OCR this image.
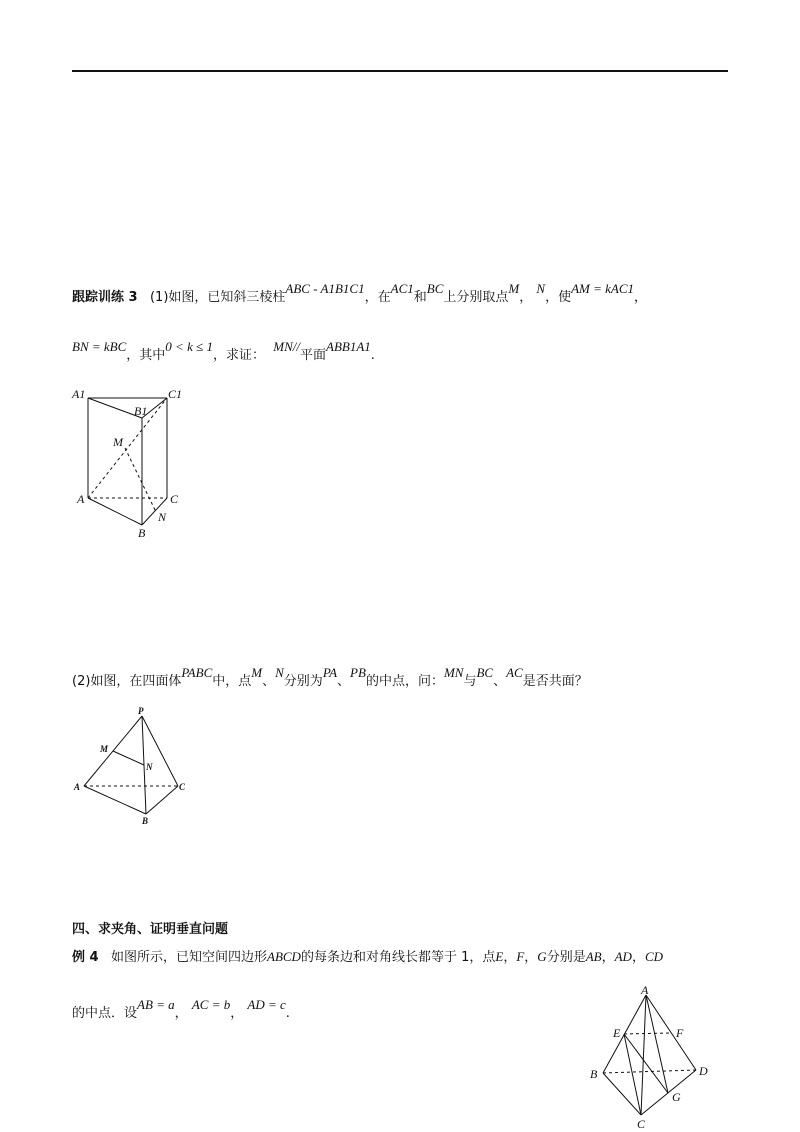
跟踪训练 3 (1)如图，已知斜三棱柱ABC - A1B1C1，在AC1和BC上分别取点M， N，使AM = kAC1，
BN = kBC，其中0 < k ≤ 1，求证：  MN//平面ABB1A1.
A1	C1
B1
M
A	C
N
B
(2)如图，在四面体PABC中，点M、N分别为PA、PB的中点，问：MN与BC、AC是否共面？
P
M
N
A	C
B
四、求夹角、证明垂直问题
例 4 如图所示，已知空间四边形ABCD的每条边和对角线长都等于 1，点E，F，G分别是AB，AD，CD
的中点．设AB = a， AC = b， AD = c.
A
E	F
B	D
G
C
